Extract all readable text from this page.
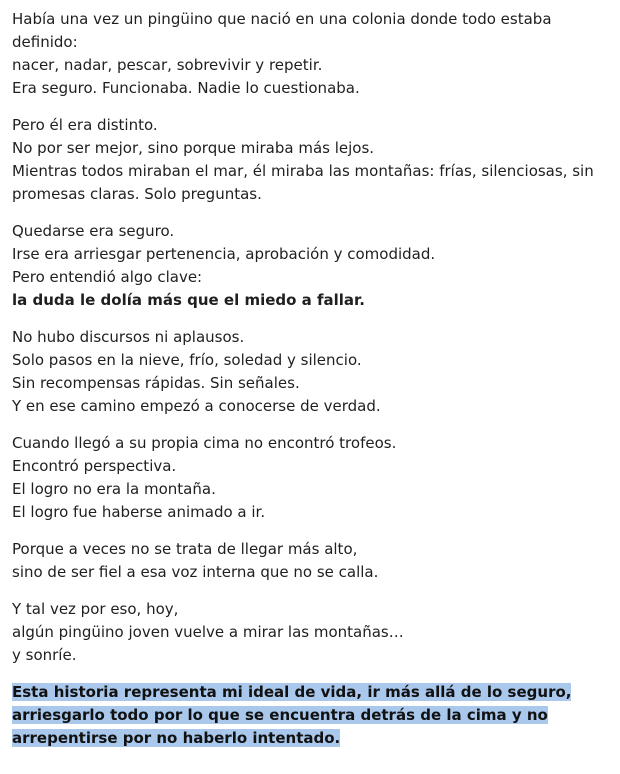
Había una vez un pingüino que nació en una colonia donde todo estaba definido:
nacer, nadar, pescar, sobrevivir y repetir.
Era seguro. Funcionaba. Nadie lo cuestionaba.
Pero él era distinto.
No por ser mejor, sino porque miraba más lejos.
Mientras todos miraban el mar, él miraba las montañas: frías, silenciosas, sin promesas claras. Solo preguntas.
Quedarse era seguro.
Irse era arriesgar pertenencia, aprobación y comodidad.
Pero entendió algo clave:
la duda le dolía más que el miedo a fallar.
No hubo discursos ni aplausos.
Solo pasos en la nieve, frío, soledad y silencio.
Sin recompensas rápidas. Sin señales.
Y en ese camino empezó a conocerse de verdad.
Cuando llegó a su propia cima no encontró trofeos.
Encontró perspectiva.
El logro no era la montaña.
El logro fue haberse animado a ir.
Porque a veces no se trata de llegar más alto,
sino de ser fiel a esa voz interna que no se calla.
Y tal vez por eso, hoy,
algún pingüino joven vuelve a mirar las montañas…
y sonríe.
Esta historia representa mi ideal de vida, ir más allá de lo seguro, arriesgarlo todo por lo que se encuentra detrás de la cima y no arrepentirse por no haberlo intentado.
